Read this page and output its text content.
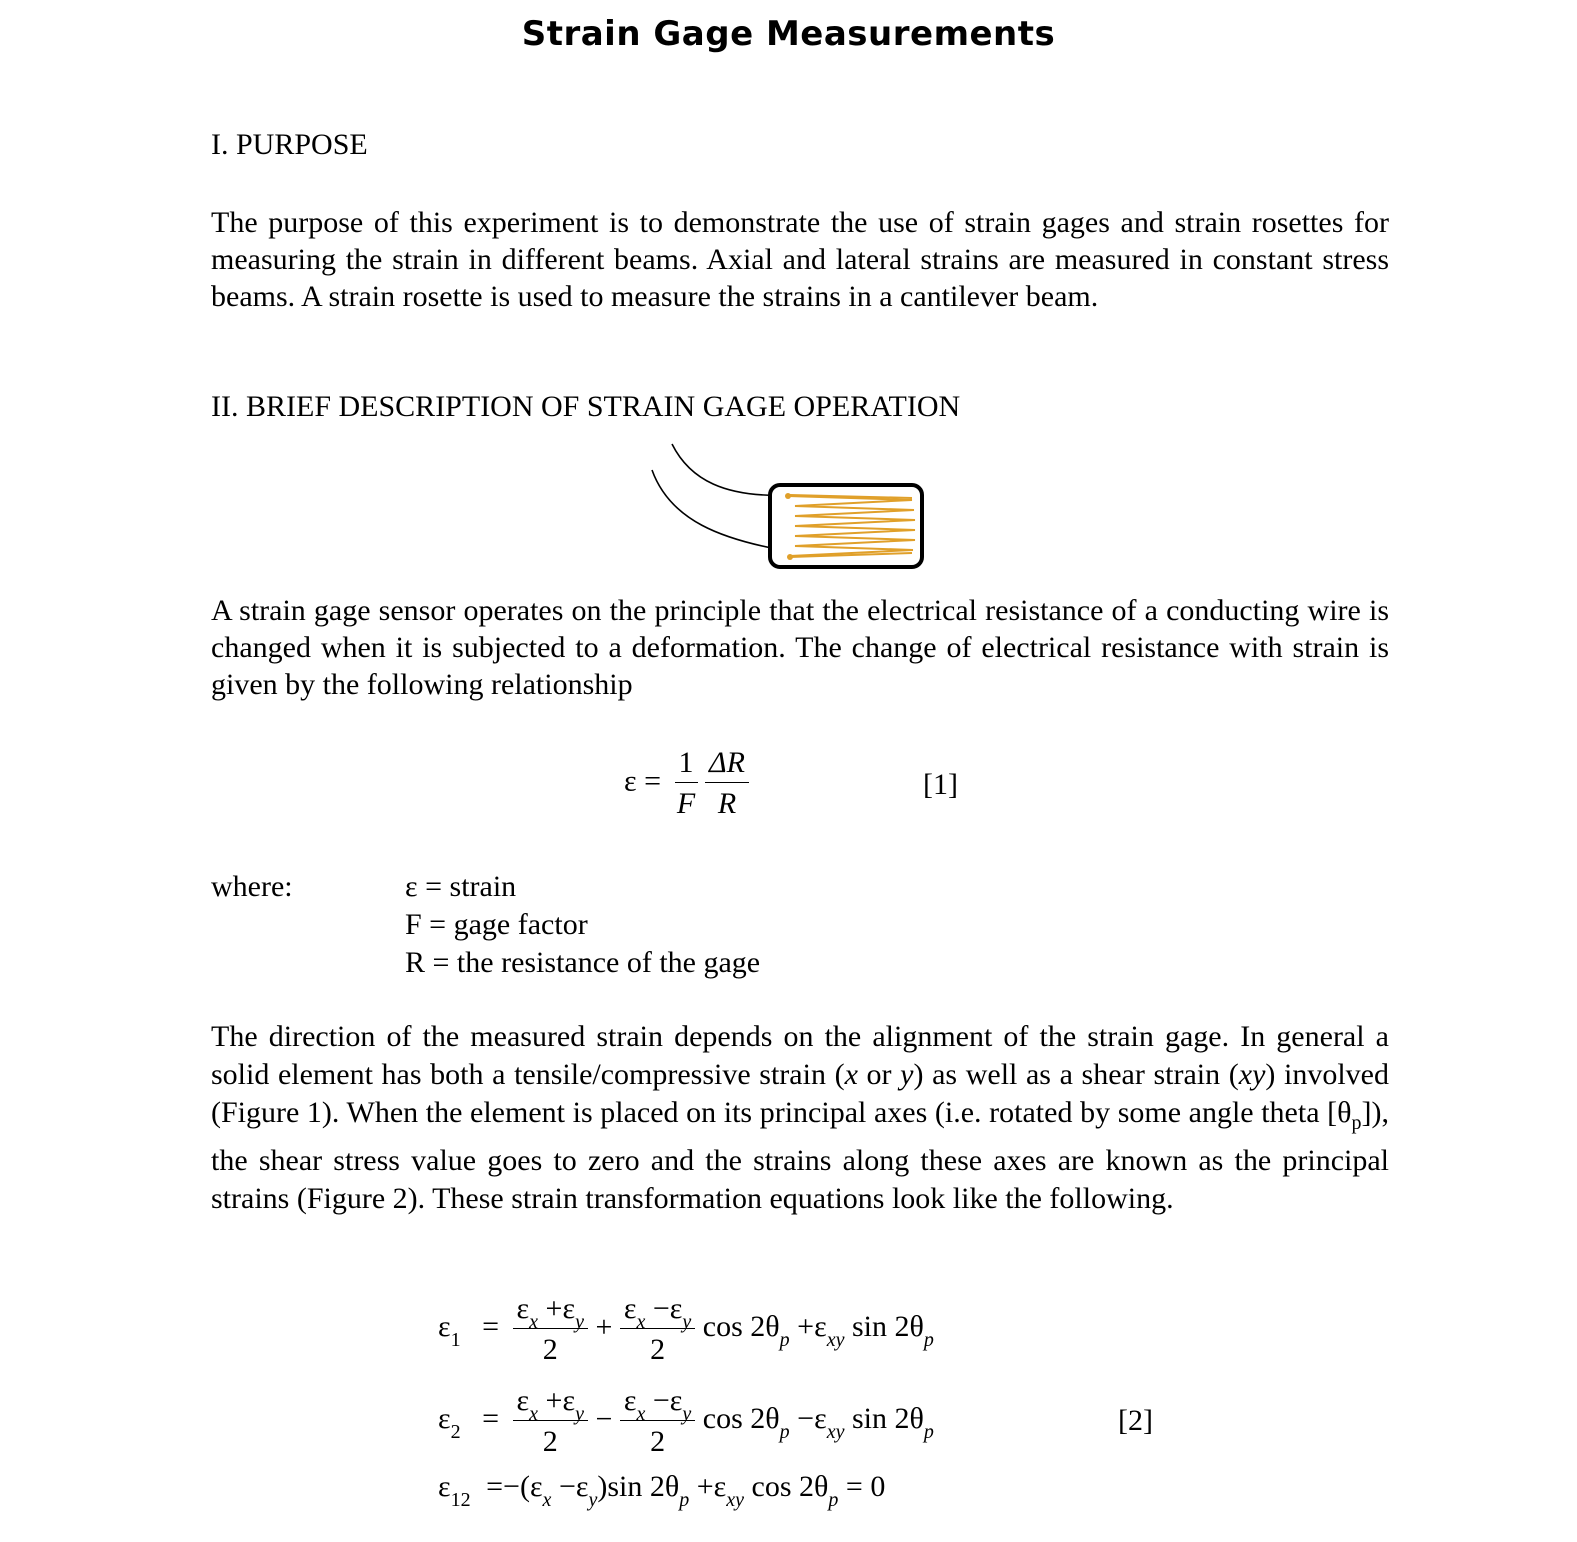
Strain Gage Measurements
I. PURPOSE

The purpose of this experiment is to demonstrate the use of strain gages and strain rosettes for measuring the strain in different beams. Axial and lateral strains are measured in constant stress beams. A strain rosette is used to measure the strains in a cantilever beam.

II. BRIEF DESCRIPTION OF STRAIN GAGE OPERATION

A strain gage sensor operates on the principle that the electrical resistance of a conducting wire is changed when it is subjected to a deformation. The change of electrical resistance with strain is given by the following relationship

$\varepsilon = \frac{1}{F}$
$\frac{\Delta R}{R}$	[1]
where:	ε = strain
F = gage factor
R = the resistance of the gage

The direction of the measured strain depends on the alignment of the strain gage. In general a solid element has both a tensile/compressive strain (x or y) as well as a shear strain (xy) involved (Figure 1). When the element is placed on its principal axes (i.e. rotated by some angle theta $[\theta_p]$), the shear stress value goes to zero and the strains along these axes are known as the principal strains (Figure 2). These strain transformation equations look like the following.

$\varepsilon_1 = \frac{\varepsilon_x +\varepsilon_y}{2} + \frac{\varepsilon_x -\varepsilon_y}{2}$ $\cos 2\theta_p +\varepsilon_{xy}$ $\sin 2\theta_p$
$\varepsilon_2 = \frac{\varepsilon_x +\varepsilon_y}{2} - \frac{\varepsilon_x -\varepsilon_y}{2}$ $\cos 2\theta_p -\varepsilon_{xy}$ $\sin 2\theta_p$	[2]
$\varepsilon_{12} =-(\varepsilon_x -\varepsilon_y)\sin$ $2\theta_p +\varepsilon_{xy}$ $\cos 2\theta_p = 0$
